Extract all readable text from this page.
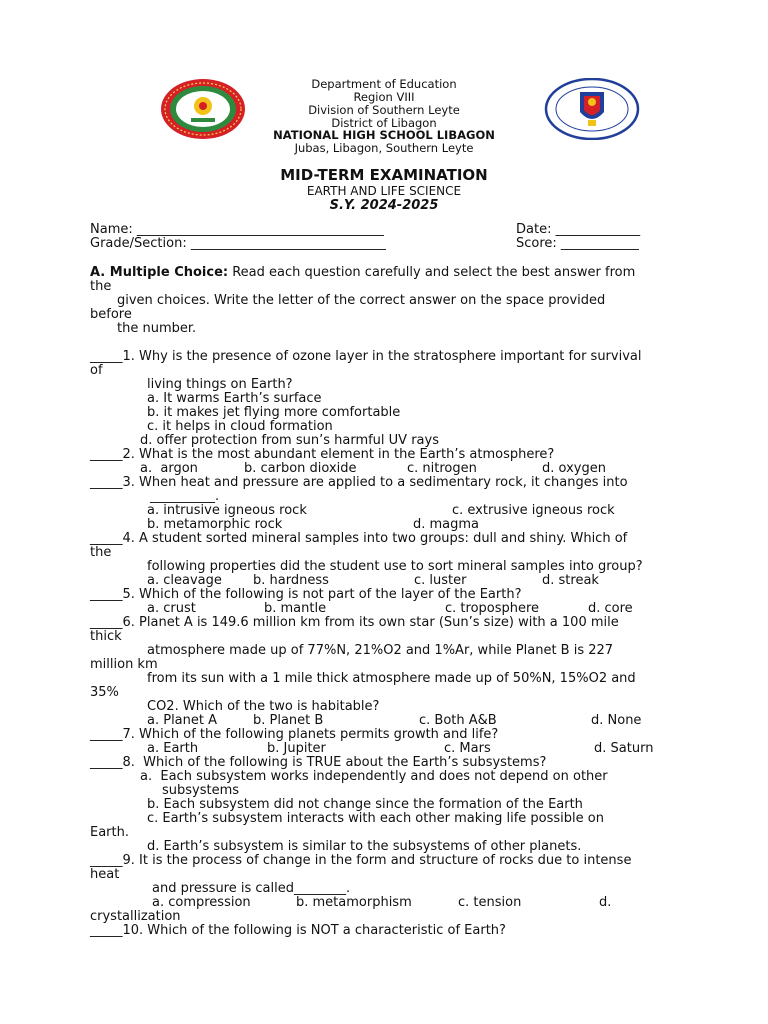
Department of Education
Region VIII
Division of Southern Leyte
District of Libagon
NATIONAL HIGH SCHOOL LIBAGON
Jubas, Libagon, Southern Leyte
MID-TERM EXAMINATION
EARTH AND LIFE SCIENCE
S.Y. 2024-2025
Name: ______________________________________	Date: _____________
Grade/Section: ______________________________	Score: ____________
A. Multiple Choice: Read each question carefully and select the best answer from
the
given choices. Write the letter of the correct answer on the space provided
before
the number.
_____1. Why is the presence of ozone layer in the stratosphere important for survival
of
living things on Earth?
a. It warms Earth’s surface
b. it makes jet flying more comfortable
c. it helps in cloud formation
d. offer protection from sun’s harmful UV rays
_____2. What is the most abundant element in the Earth’s atmosphere?
a.  argon	b. carbon dioxide	c. nitrogen	d. oxygen
_____3. When heat and pressure are applied to a sedimentary rock, it changes into
__________.
a. intrusive igneous rock	c. extrusive igneous rock
b. metamorphic rock	d. magma
_____4. A student sorted mineral samples into two groups: dull and shiny. Which of
the
following properties did the student use to sort mineral samples into group?
a. cleavage b. hardness	c. luster	d. streak
_____5. Which of the following is not part of the layer of the Earth?
a. crust	b. mantle	c. troposphere	d. core
_____6. Planet A is 149.6 million km from its own star (Sun’s size) with a 100 mile
thick
atmosphere made up of 77%N, 21%O2 and 1%Ar, while Planet B is 227
million km
from its sun with a 1 mile thick atmosphere made up of 50%N, 15%O2 and
35%
CO2. Which of the two is habitable?
a. Planet A	b. Planet B	c. Both A&B	d. None
_____7. Which of the following planets permits growth and life?
a. Earth	b. Jupiter	c. Mars	d. Saturn
_____8.  Which of the following is TRUE about the Earth’s subsystems?
a.  Each subsystem works independently and does not depend on other
subsystems
b. Each subsystem did not change since the formation of the Earth
c. Earth’s subsystem interacts with each other making life possible on
Earth.
d. Earth’s subsystem is similar to the subsystems of other planets.
_____9. It is the process of change in the form and structure of rocks due to intense
heat
and pressure is called________.
a. compression	b. metamorphism	c. tension	d.
crystallization
_____10. Which of the following is NOT a characteristic of Earth?
